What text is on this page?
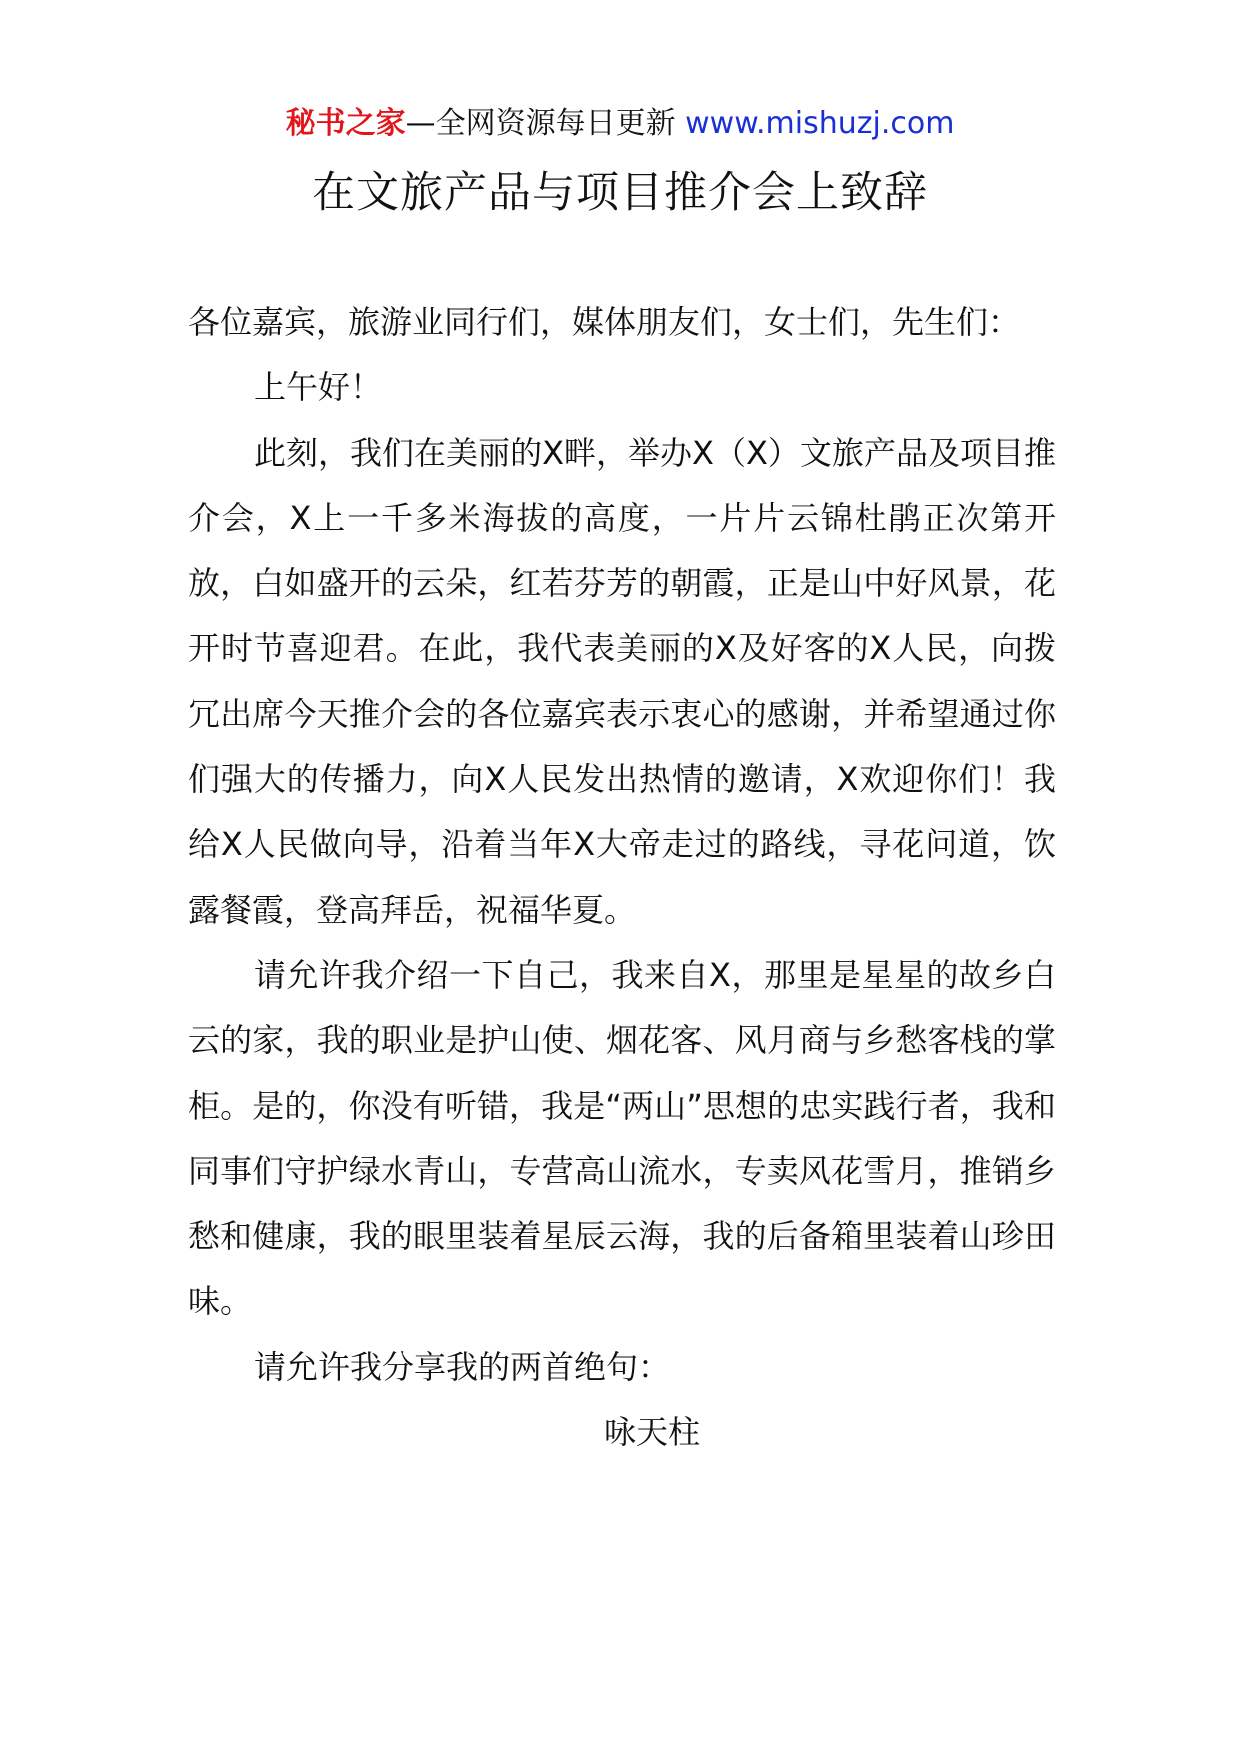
秘书之家—全网资源每日更新 www.mishuzj.com
在文旅产品与项目推介会上致辞

各位嘉宾，旅游业同行们，媒体朋友们，女士们，先生们：

上午好！

此刻，我们在美丽的X畔，举办X（X）文旅产品及项目推介会，X上一千多米海拔的高度，一片片云锦杜鹃正次第开放，白如盛开的云朵，红若芬芳的朝霞，正是山中好风景，花开时节喜迎君。在此，我代表美丽的X及好客的X人民，向拨冗出席今天推介会的各位嘉宾表示衷心的感谢，并希望通过你们强大的传播力，向X人民发出热情的邀请，X欢迎你们！我给X人民做向导，沿着当年X大帝走过的路线，寻花问道，饮露餐霞，登高拜岳，祝福华夏。

请允许我介绍一下自己，我来自X，那里是星星的故乡白云的家，我的职业是护山使、烟花客、风月商与乡愁客栈的掌柜。是的，你没有听错，我是“两山”思想的忠实践行者，我和同事们守护绿水青山，专营高山流水，专卖风花雪月，推销乡愁和健康，我的眼里装着星辰云海，我的后备箱里装着山珍田味。

请允许我分享我的两首绝句：

咏天柱
